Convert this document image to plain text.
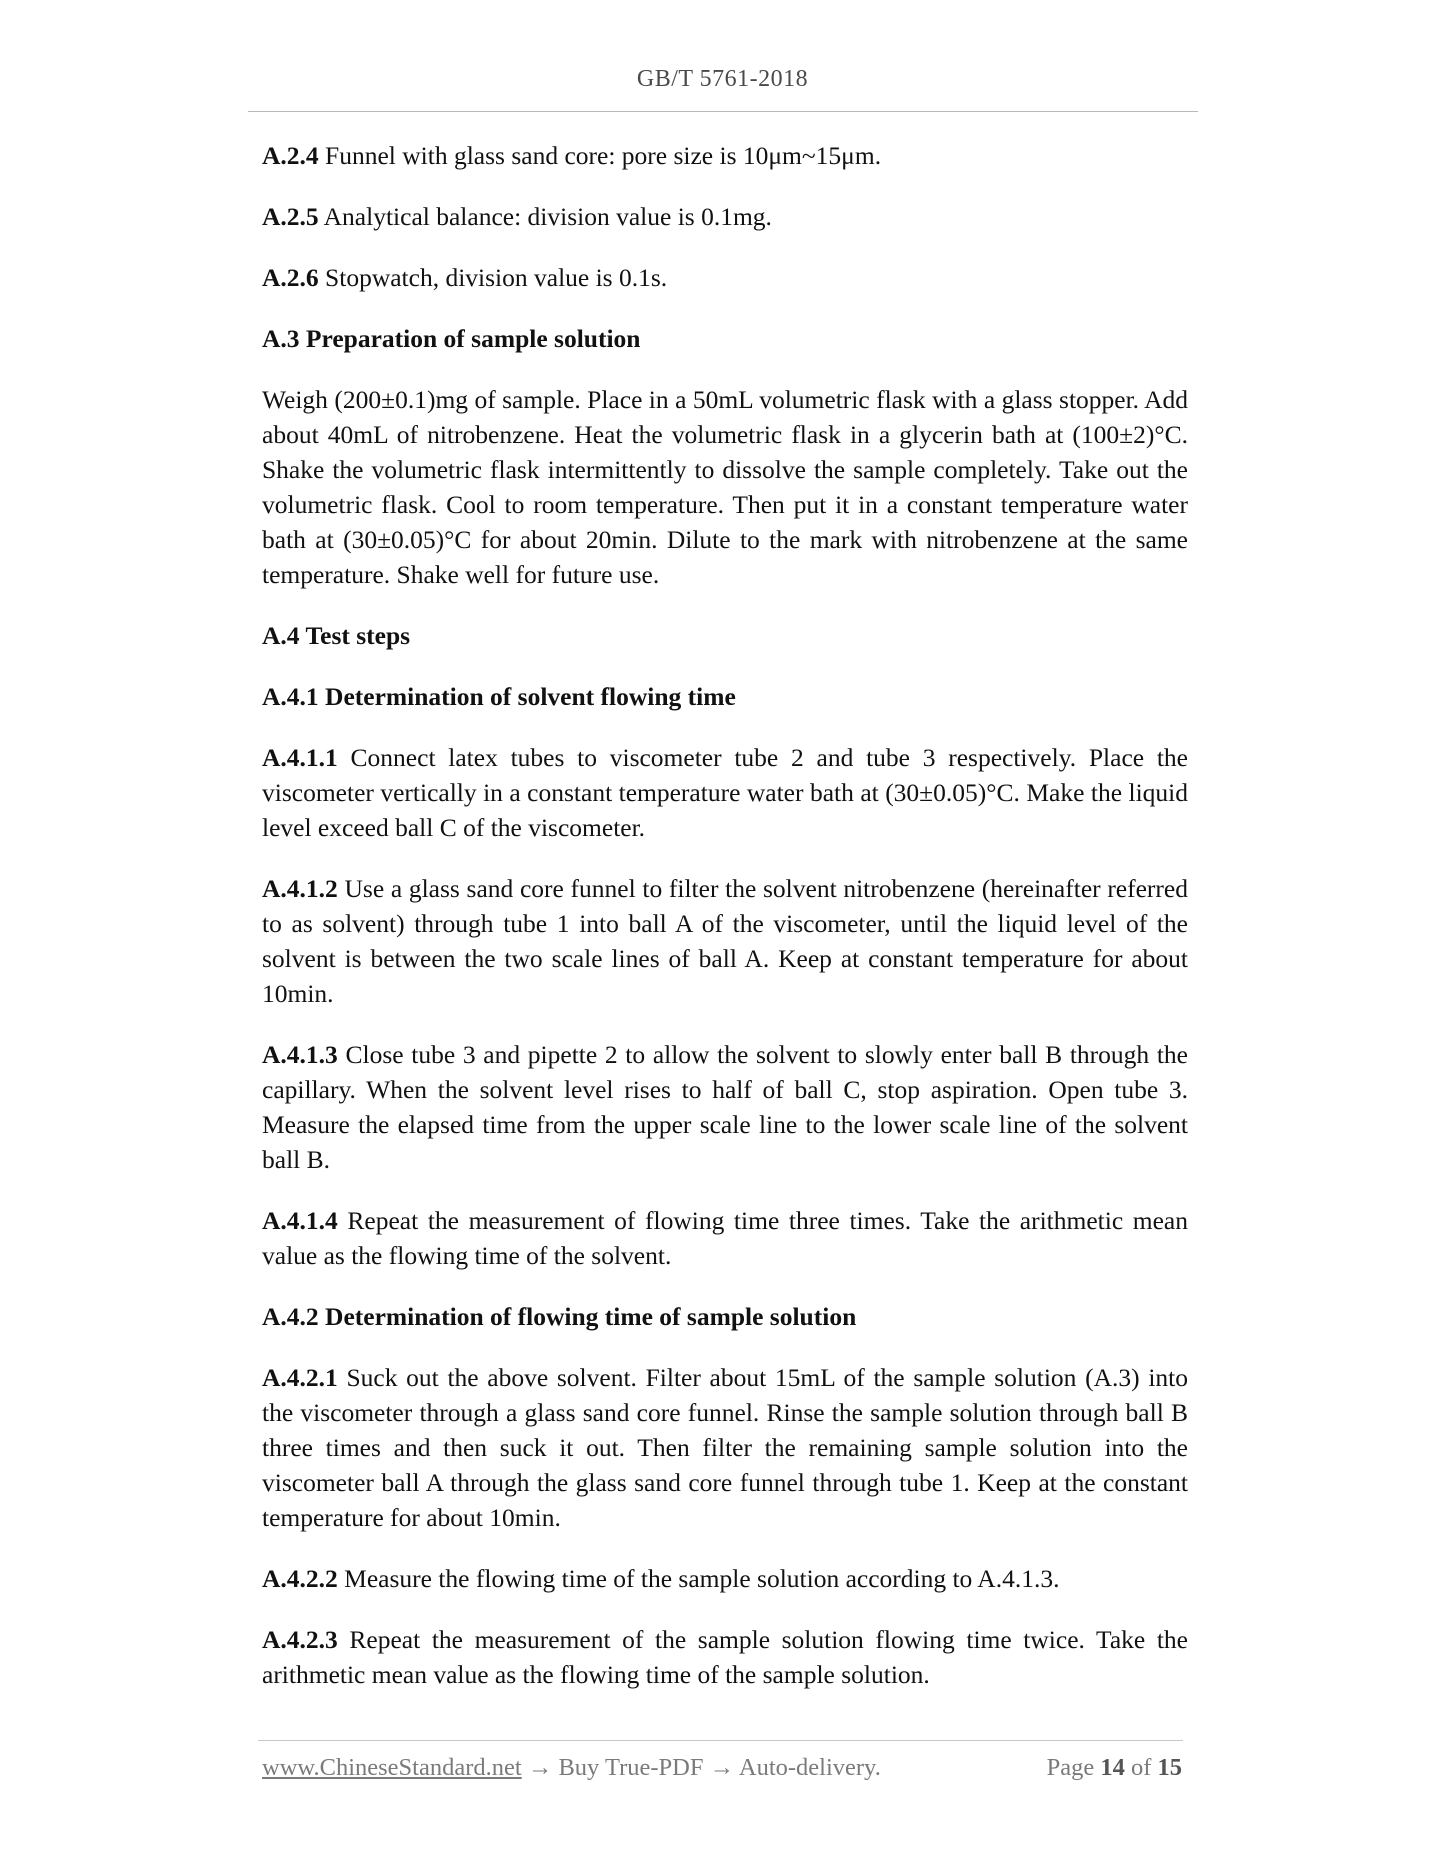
GB/T 5761-2018

A.2.4 Funnel with glass sand core: pore size is 10μm~15μm.

A.2.5 Analytical balance: division value is 0.1mg.

A.2.6 Stopwatch, division value is 0.1s.

A.3 Preparation of sample solution

Weigh (200±0.1)mg of sample. Place in a 50mL volumetric flask with a glass stopper. Add about 40mL of nitrobenzene. Heat the volumetric flask in a glycerin bath at (100±2)°C. Shake the volumetric flask intermittently to dissolve the sample completely. Take out the volumetric flask. Cool to room temperature. Then put it in a constant temperature water bath at (30±0.05)°C for about 20min. Dilute to the mark with nitrobenzene at the same temperature. Shake well for future use.

A.4 Test steps

A.4.1 Determination of solvent flowing time

A.4.1.1 Connect latex tubes to viscometer tube 2 and tube 3 respectively. Place the viscometer vertically in a constant temperature water bath at (30±0.05)°C. Make the liquid level exceed ball C of the viscometer.

A.4.1.2 Use a glass sand core funnel to filter the solvent nitrobenzene (hereinafter referred to as solvent) through tube 1 into ball A of the viscometer, until the liquid level of the solvent is between the two scale lines of ball A. Keep at constant temperature for about 10min.

A.4.1.3 Close tube 3 and pipette 2 to allow the solvent to slowly enter ball B through the capillary. When the solvent level rises to half of ball C, stop aspiration. Open tube 3. Measure the elapsed time from the upper scale line to the lower scale line of the solvent ball B.

A.4.1.4 Repeat the measurement of flowing time three times. Take the arithmetic mean value as the flowing time of the solvent.

A.4.2 Determination of flowing time of sample solution

A.4.2.1 Suck out the above solvent. Filter about 15mL of the sample solution (A.3) into the viscometer through a glass sand core funnel. Rinse the sample solution through ball B three times and then suck it out. Then filter the remaining sample solution into the viscometer ball A through the glass sand core funnel through tube 1. Keep at the constant temperature for about 10min.

A.4.2.2 Measure the flowing time of the sample solution according to A.4.1.3.

A.4.2.3 Repeat the measurement of the sample solution flowing time twice. Take the arithmetic mean value as the flowing time of the sample solution.

www.ChineseStandard.net → Buy True-PDF → Auto-delivery.	Page 14 of 15
